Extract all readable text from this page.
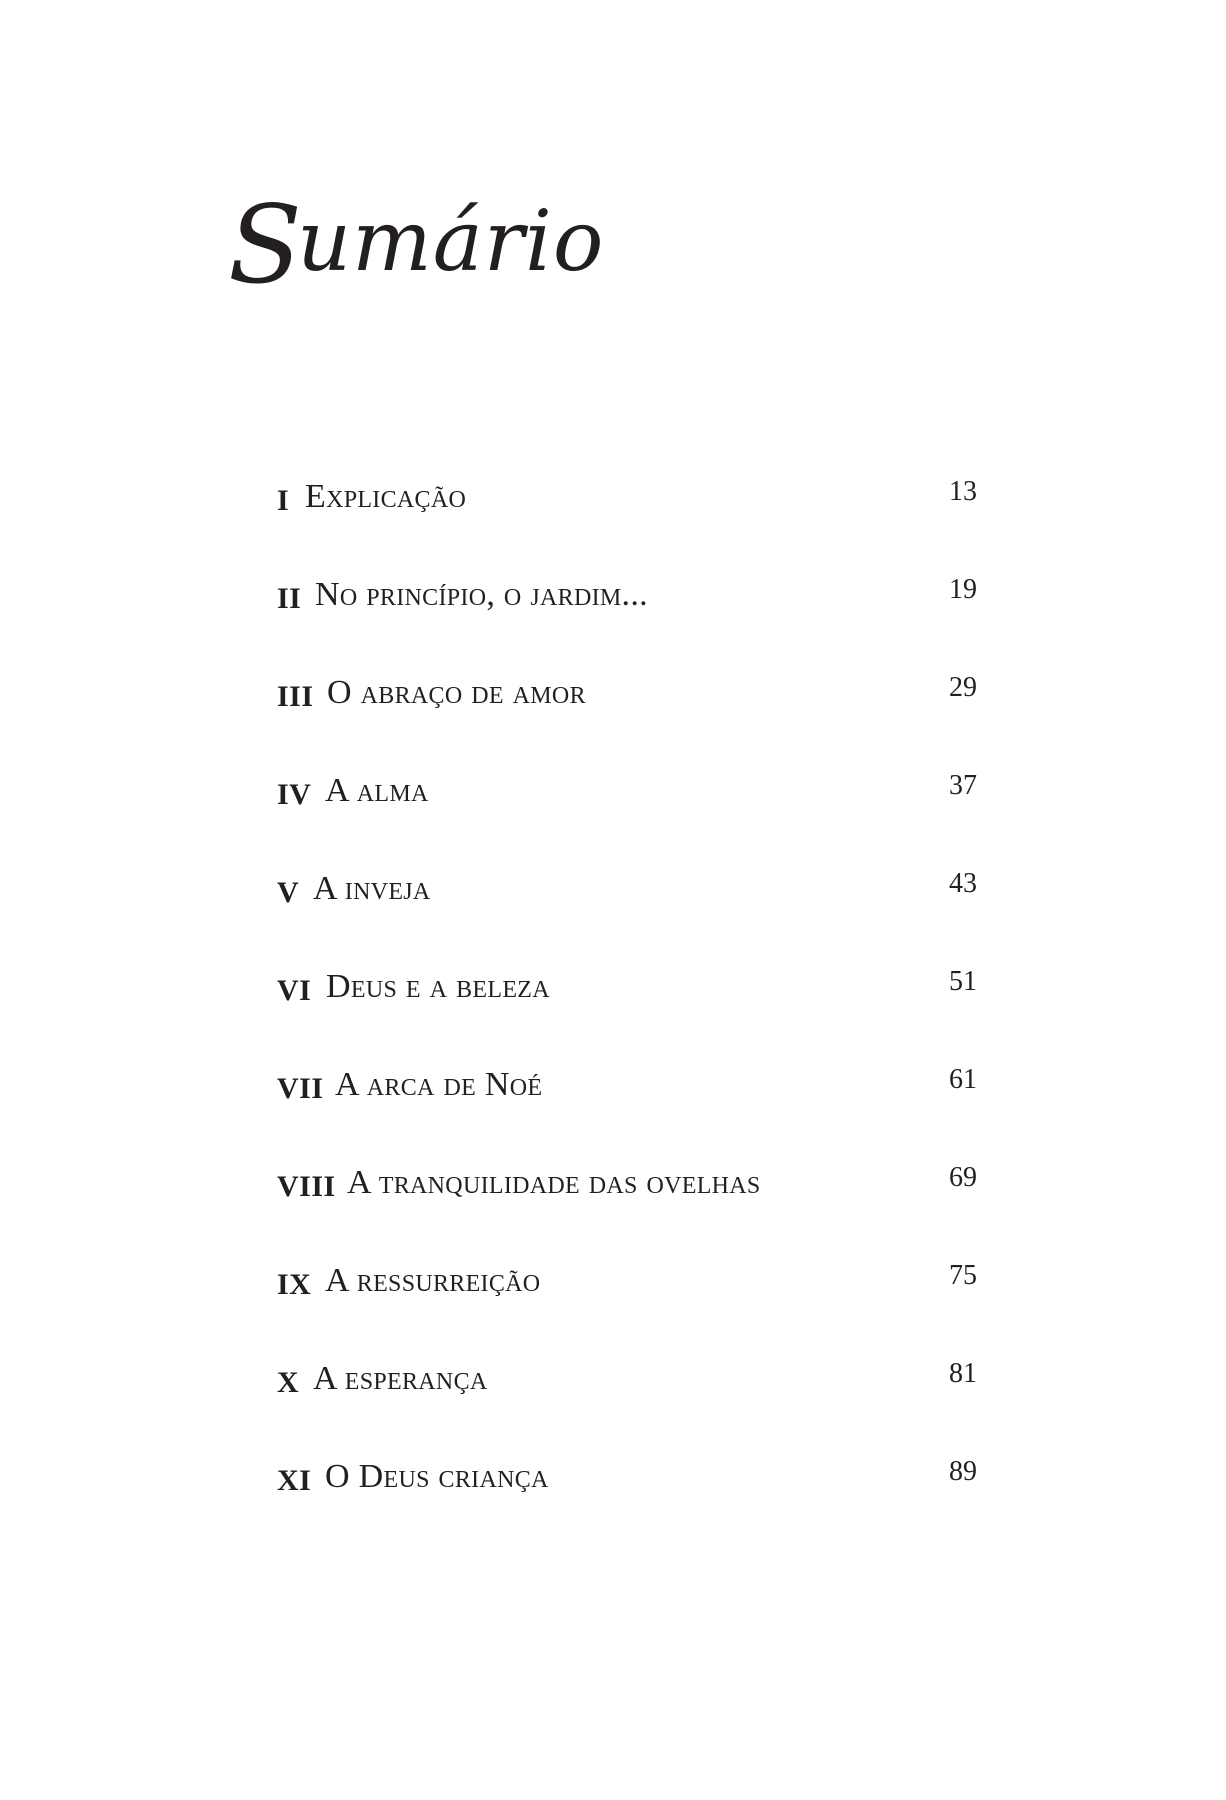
Sumário
I Explicação	13
II No princípio, o jardim...	19
III O abraço de amor	29
IV A alma	37
V A inveja	43
VI Deus e a beleza	51
VII A arca de Noé	61
VIII A tranquilidade das ovelhas	69
IX A ressurreição	75
X A esperança	81
XI O Deus criança	89
